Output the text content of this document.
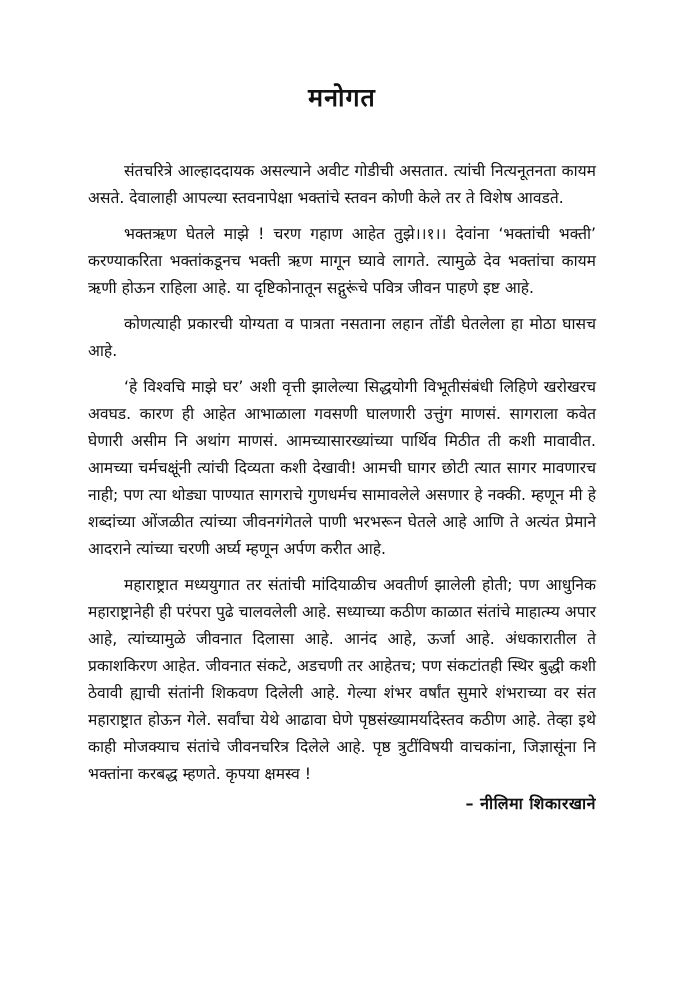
मनोगत

संतचरित्रे आल्हाददायक असल्याने अवीट गोडीची असतात. त्यांची नित्यनूतनता कायम असते. देवालाही आपल्या स्तवनापेक्षा भक्तांचे स्तवन कोणी केले तर ते विशेष आवडते.

भक्तऋण घेतले माझे ! चरण गहाण आहेत तुझे।।१।। देवांना ‘भक्तांची भक्ती’ करण्याकरिता भक्तांकडूनच भक्ती ऋण मागून घ्यावे लागते. त्यामुळे देव भक्तांचा कायम ऋणी होऊन राहिला आहे. या दृष्टिकोनातून सद्गुरूंचे पवित्र जीवन पाहणे इष्ट आहे.

कोणत्याही प्रकारची योग्यता व पात्रता नसताना लहान तोंडी घेतलेला हा मोठा घासच आहे.

‘हे विश्वचि माझे घर’ अशी वृत्ती झालेल्या सिद्धयोगी विभूतीसंबंधी लिहिणे खरोखरच अवघड. कारण ही आहेत आभाळाला गवसणी घालणारी उत्तुंग माणसं. सागराला कवेत घेणारी असीम नि अथांग माणसं. आमच्यासारख्यांच्या पार्थिव मिठीत ती कशी मावावीत. आमच्या चर्मचक्षूंनी त्यांची दिव्यता कशी देखावी! आमची घागर छोटी त्यात सागर मावणारच नाही; पण त्या थोड्या पाण्यात सागराचे गुणधर्मच सामावलेले असणार हे नक्की. म्हणून मी हे शब्दांच्या ओंजळीत त्यांच्या जीवनगंगेतले पाणी भरभरून घेतले आहे आणि ते अत्यंत प्रेमाने आदराने त्यांच्या चरणी अर्घ्य म्हणून अर्पण करीत आहे.

महाराष्ट्रात मध्ययुगात तर संतांची मांदियाळीच अवतीर्ण झालेली होती; पण आधुनिक महाराष्ट्रानेही ही परंपरा पुढे चालवलेली आहे. सध्याच्या कठीण काळात संतांचे माहात्म्य अपार आहे, त्यांच्यामुळे जीवनात दिलासा आहे. आनंद आहे, ऊर्जा आहे. अंधकारातील ते प्रकाशकिरण आहेत. जीवनात संकटे, अडचणी तर आहेतच; पण संकटांतही स्थिर बुद्धी कशी ठेवावी ह्याची संतांनी शिकवण दिलेली आहे. गेल्या शंभर वर्षांत सुमारे शंभराच्या वर संत महाराष्ट्रात होऊन गेले. सर्वांचा येथे आढावा घेणे पृष्ठसंख्यामर्यादेस्तव कठीण आहे. तेव्हा इथे काही मोजक्याच संतांचे जीवनचरित्र दिलेले आहे. पृष्ठ त्रुटींविषयी वाचकांना, जिज्ञासूंना नि भक्तांना करबद्ध म्हणते. कृपया क्षमस्व !

– नीलिमा शिकारखाने
